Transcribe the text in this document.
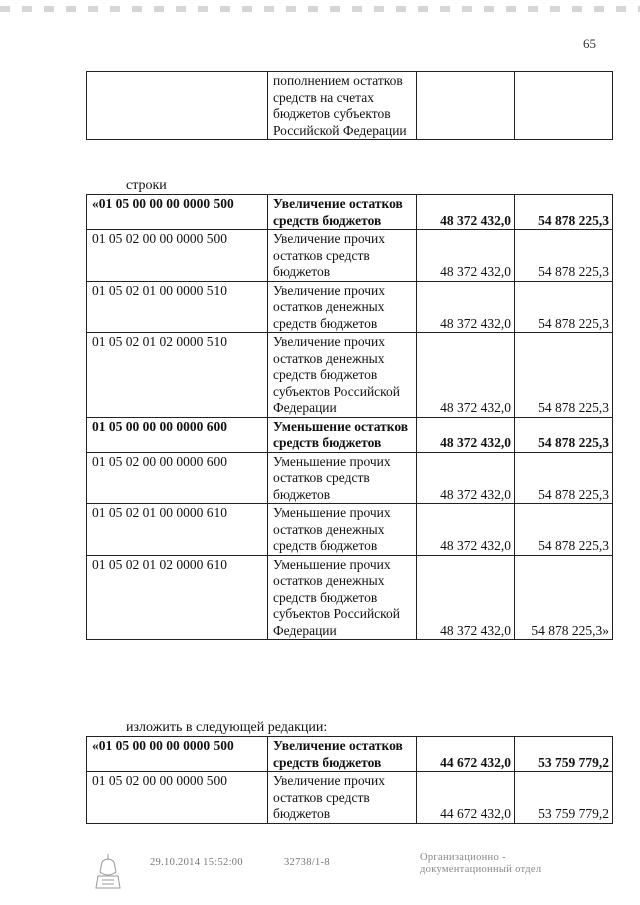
65
	пополнением остатков средств на счетах бюджетов субъектов Российской Федерации		
строки
«01 05 00 00 00 0000 500	Увеличение остатков средств бюджетов	48 372 432,0	54 878 225,3
01 05 02 00 00 0000 500	Увеличение прочих остатков средств бюджетов	48 372 432,0	54 878 225,3
01 05 02 01 00 0000 510	Увеличение прочих остатков денежных средств бюджетов	48 372 432,0	54 878 225,3
01 05 02 01 02 0000 510	Увеличение прочих остатков денежных средств бюджетов субъектов Российской Федерации	48 372 432,0	54 878 225,3
01 05 00 00 00 0000 600	Уменьшение остатков средств бюджетов	48 372 432,0	54 878 225,3
01 05 02 00 00 0000 600	Уменьшение прочих остатков средств бюджетов	48 372 432,0	54 878 225,3
01 05 02 01 00 0000 610	Уменьшение прочих остатков денежных средств бюджетов	48 372 432,0	54 878 225,3
01 05 02 01 02 0000 610	Уменьшение прочих остатков денежных средств бюджетов субъектов Российской Федерации	48 372 432,0	54 878 225,3»
изложить в следующей редакции:
«01 05 00 00 00 0000 500	Увеличение остатков средств бюджетов	44 672 432,0	53 759 779,2
01 05 02 00 00 0000 500	Увеличение прочих остатков средств бюджетов	44 672 432,0	53 759 779,2
29.10.2014 15:52:00	32738/1-8	Организационно -
документационный отдел
